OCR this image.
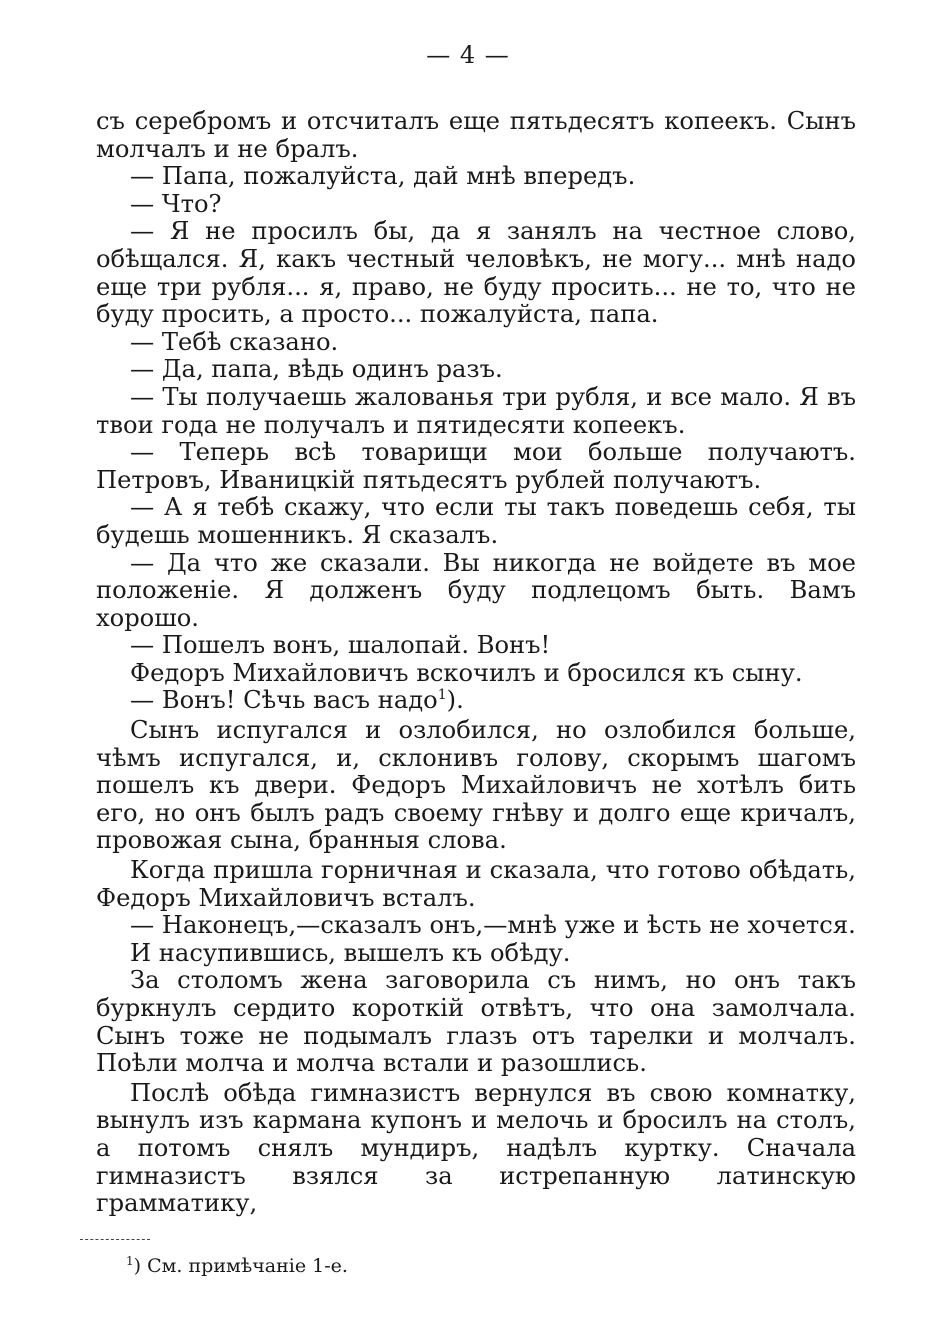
— 4 —

съ серебромъ и отсчиталъ еще пятьдесятъ копеекъ. Сынъ молчалъ и не бралъ.

— Папа, пожалуйста, дай мнѣ впередъ.

— Что?

— Я не просилъ бы, да я занялъ на честное слово, обѣщался. Я, какъ честный человѣкъ, не могу... мнѣ надо еще три рубля... я, право, не буду просить... не то, что не буду просить, а просто... пожалуйста, папа.

— Тебѣ сказано.

— Да, папа, вѣдь одинъ разъ.

— Ты получаешь жалованья три рубля, и все мало. Я въ твои года не получалъ и пятидесяти копеекъ.

— Теперь всѣ товарищи мои больше получаютъ. Петровъ, Иваницкій пятьдесятъ рублей получаютъ.

— А я тебѣ скажу, что если ты такъ поведешь себя, ты будешь мошенникъ. Я сказалъ.

— Да что же сказали. Вы никогда не войдете въ мое положеніе. Я долженъ буду подлецомъ быть. Вамъ хорошо.

— Пошелъ вонъ, шалопай. Вонъ!

Федоръ Михайловичъ вскочилъ и бросился къ сыну.

— Вонъ! Сѣчь васъ надо$^1$).

Сынъ испугался и озлобился, но озлобился больше, чѣмъ испугался, и, склонивъ голову, скорымъ шагомъ пошелъ къ двери. Федоръ Михайловичъ не хотѣлъ бить его, но онъ былъ радъ своему гнѣву и долго еще кричалъ, провожая сына, бранныя слова.

Когда пришла горничная и сказала, что готово обѣдать, Федоръ Михайловичъ всталъ.

— Наконецъ,—сказалъ онъ,—мнѣ уже и ѣсть не хочется.

И насупившись, вышелъ къ обѣду.

За столомъ жена заговорила съ нимъ, но онъ такъ буркнулъ сердито короткій отвѣтъ, что она замолчала. Сынъ тоже не подымалъ глазъ отъ тарелки и молчалъ. Поѣли молча и молча встали и разошлись.

Послѣ обѣда гимназистъ вернулся въ свою комнатку, вынулъ изъ кармана купонъ и мелочь и бросилъ на столъ, а потомъ снялъ мундиръ, надѣлъ куртку. Сначала гимназистъ взялся за истрепанную латинскую грамматику,

$^1$) См. примѣчаніе 1-е.
